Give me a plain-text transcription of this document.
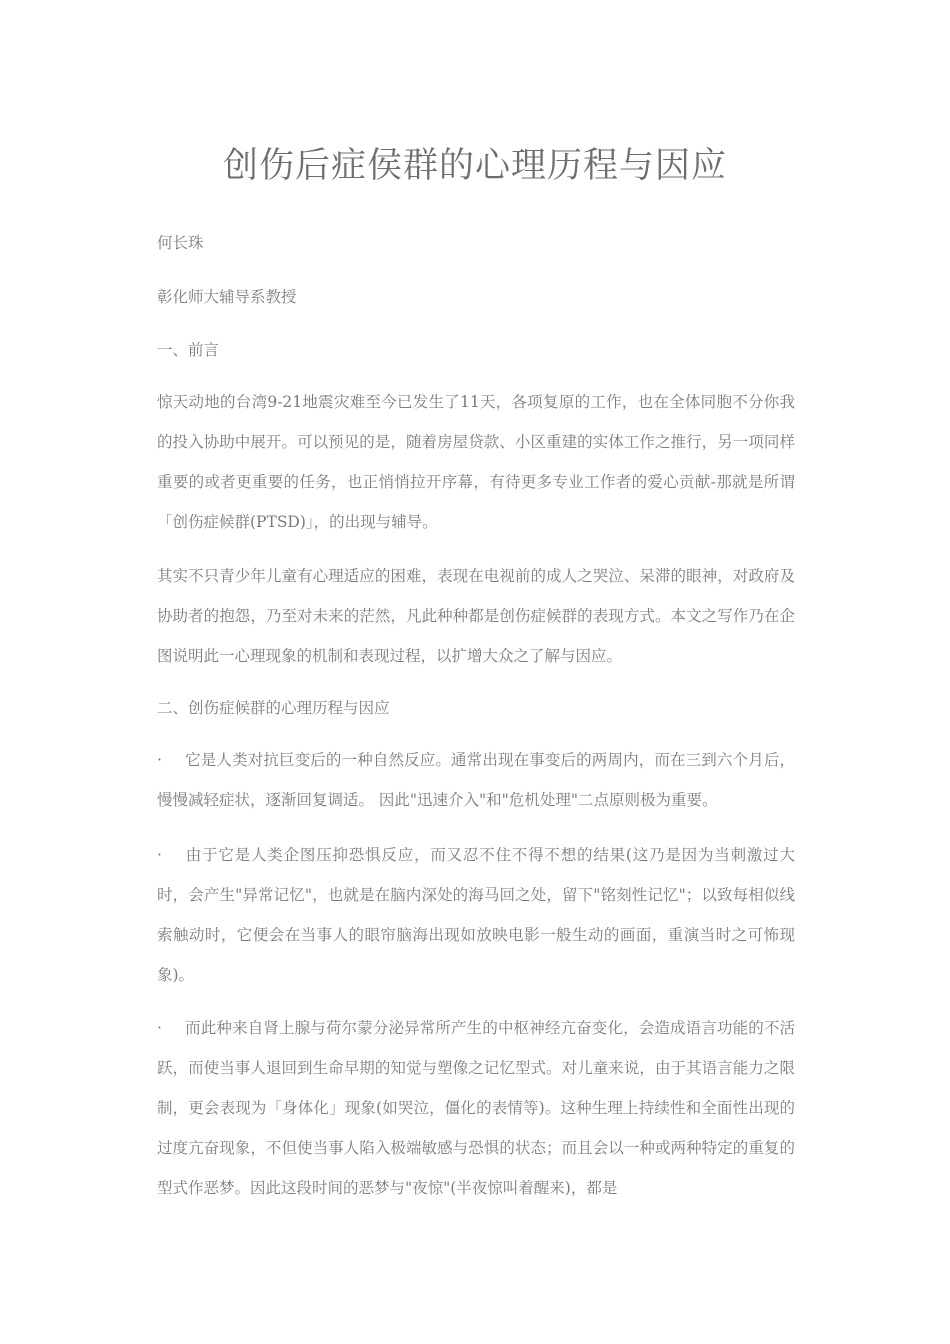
创伤后症侯群的心理历程与因应

何长珠

彰化师大辅导系教授

一、前言

惊天动地的台湾9-21地震灾难至今已发生了11天，各项复原的工作，也在全体同胞不分你我的投入协助中展开。可以预见的是，随着房屋贷款、小区重建的实体工作之推行，另一项同样重要的或者更重要的任务，也正悄悄拉开序幕，有待更多专业工作者的爱心贡献-那就是所谓「创伤症候群(PTSD)」，的出现与辅导。

其实不只青少年儿童有心理适应的困难，表现在电视前的成人之哭泣、呆滞的眼神，对政府及协助者的抱怨，乃至对未来的茫然，凡此种种都是创伤症候群的表现方式。本文之写作乃在企图说明此一心理现象的机制和表现过程，以扩增大众之了解与因应。

二、创伤症候群的心理历程与因应

· 它是人类对抗巨变后的一种自然反应。通常出现在事变后的两周内，而在三到六个月后，慢慢减轻症状，逐渐回复调适。 因此"迅速介入"和"危机处理"二点原则极为重要。

· 由于它是人类企图压抑恐惧反应，而又忍不住不得不想的结果(这乃是因为当刺激过大时，会产生"异常记忆"，也就是在脑内深处的海马回之处，留下"铭刻性记忆"；以致每相似线索触动时，它便会在当事人的眼帘脑海出现如放映电影一般生动的画面，重演当时之可怖现象)。

· 而此种来自肾上腺与荷尔蒙分泌异常所产生的中枢神经亢奋变化，会造成语言功能的不活跃，而使当事人退回到生命早期的知觉与塑像之记忆型式。对儿童来说，由于其语言能力之限制，更会表现为「身体化」现象(如哭泣，僵化的表情等)。这种生理上持续性和全面性出现的过度亢奋现象，不但使当事人陷入极端敏感与恐惧的状态；而且会以一种或两种特定的重复的型式作恶梦。因此这段时间的恶梦与"夜惊"(半夜惊叫着醒来)，都是
